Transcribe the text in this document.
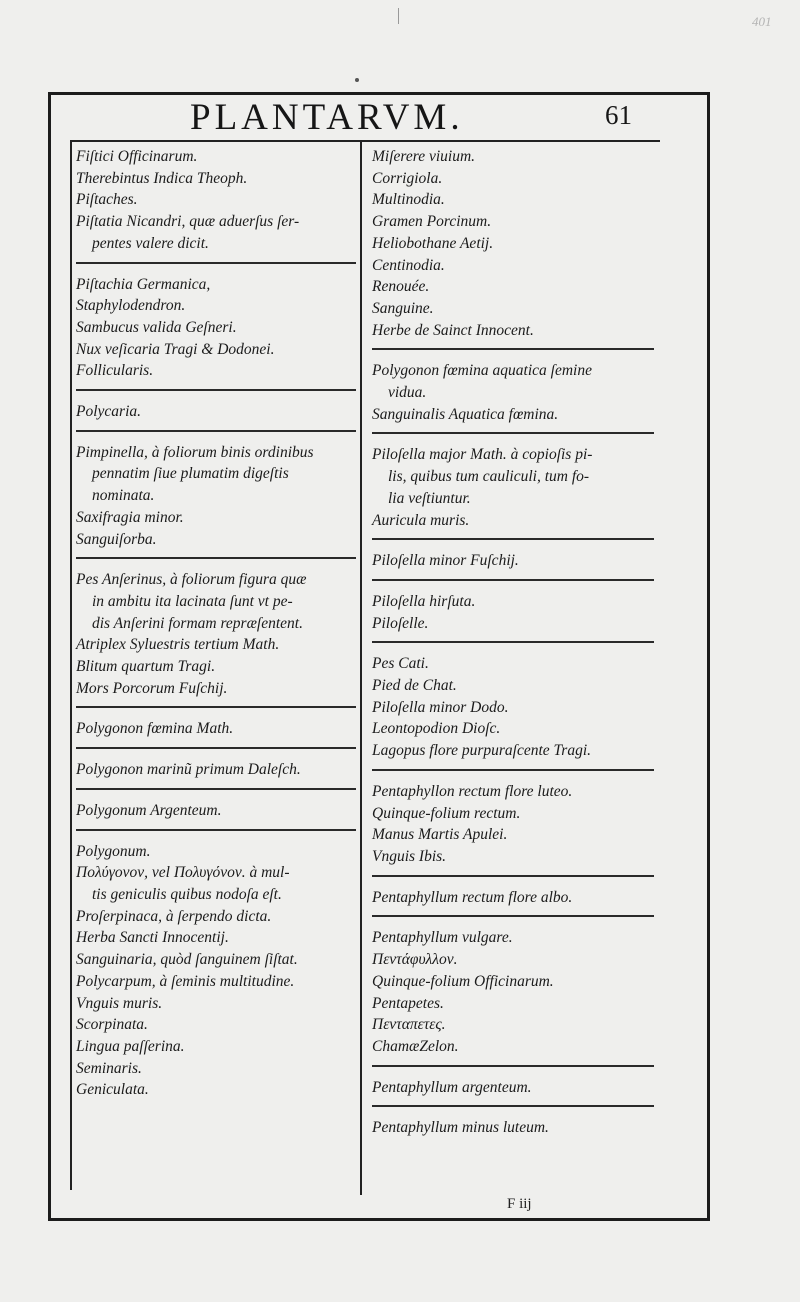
401
PLANTARVM.	61
Fiſtici Officinarum.
Therebintus Indica Theoph.
Piſtaches.
Piſtatia Nicandri, quæ aduerſus ſer-
pentes valere dicit.
Piſtachia Germanica,
Staphylodendron.
Sambucus valida Geſneri.
Nux veſicaria Tragi & Dodonei.
Follicularis.
Polycaria.
Pimpinella, à foliorum binis ordinibus
pennatim ſiue plumatim digeſtis
nominata.
Saxifragia minor.
Sanguiſorba.
Pes Anſerinus, à foliorum figura quæ
in ambitu ita lacinata ſunt vt pe-
dis Anſerini formam repræſentent.
Atriplex Syluestris tertium Math.
Blitum quartum Tragi.
Mors Porcorum Fuſchij.
Polygonon fœmina Math.
Polygonon marinũ primum Daleſch.
Polygonum Argenteum.
Polygonum.
Πολύγονον, vel Πολυγόνον. à mul-
tis geniculis quibus nodoſa eſt.
Proſerpinaca, à ſerpendo dicta.
Herba Sancti Innocentij.
Sanguinaria, quòd ſanguinem ſiſtat.
Polycarpum, à ſeminis multitudine.
Vnguis muris.
Scorpinata.
Lingua paſſerina.
Seminaris.
Geniculata.
Miſerere viuium.
Corrigiola.
Multinodia.
Gramen Porcinum.
Heliobothane Aetij.
Centinodia.
Renouée.
Sanguine.
Herbe de Sainct Innocent.
Polygonon fœmina aquatica ſemine
vidua.
Sanguinalis Aquatica fœmina.
Piloſella major Math. à copioſis pi-
lis, quibus tum cauliculi, tum fo-
lia veſtiuntur.
Auricula muris.
Piloſella minor Fuſchij.
Piloſella hirſuta.
Piloſelle.
Pes Cati.
Pied de Chat.
Piloſella minor Dodo.
Leontopodion Dioſc.
Lagopus flore purpuraſcente Tragi.
Pentaphyllon rectum flore luteo.
Quinque-folium rectum.
Manus Martis Apulei.
Vnguis Ibis.
Pentaphyllum rectum flore albo.
Pentaphyllum vulgare.
Πεντάφυλλον.
Quinque-folium Officinarum.
Pentapetes.
Πενταπετες.
ChamæZelon.
Pentaphyllum argenteum.
Pentaphyllum minus luteum.
F iij
